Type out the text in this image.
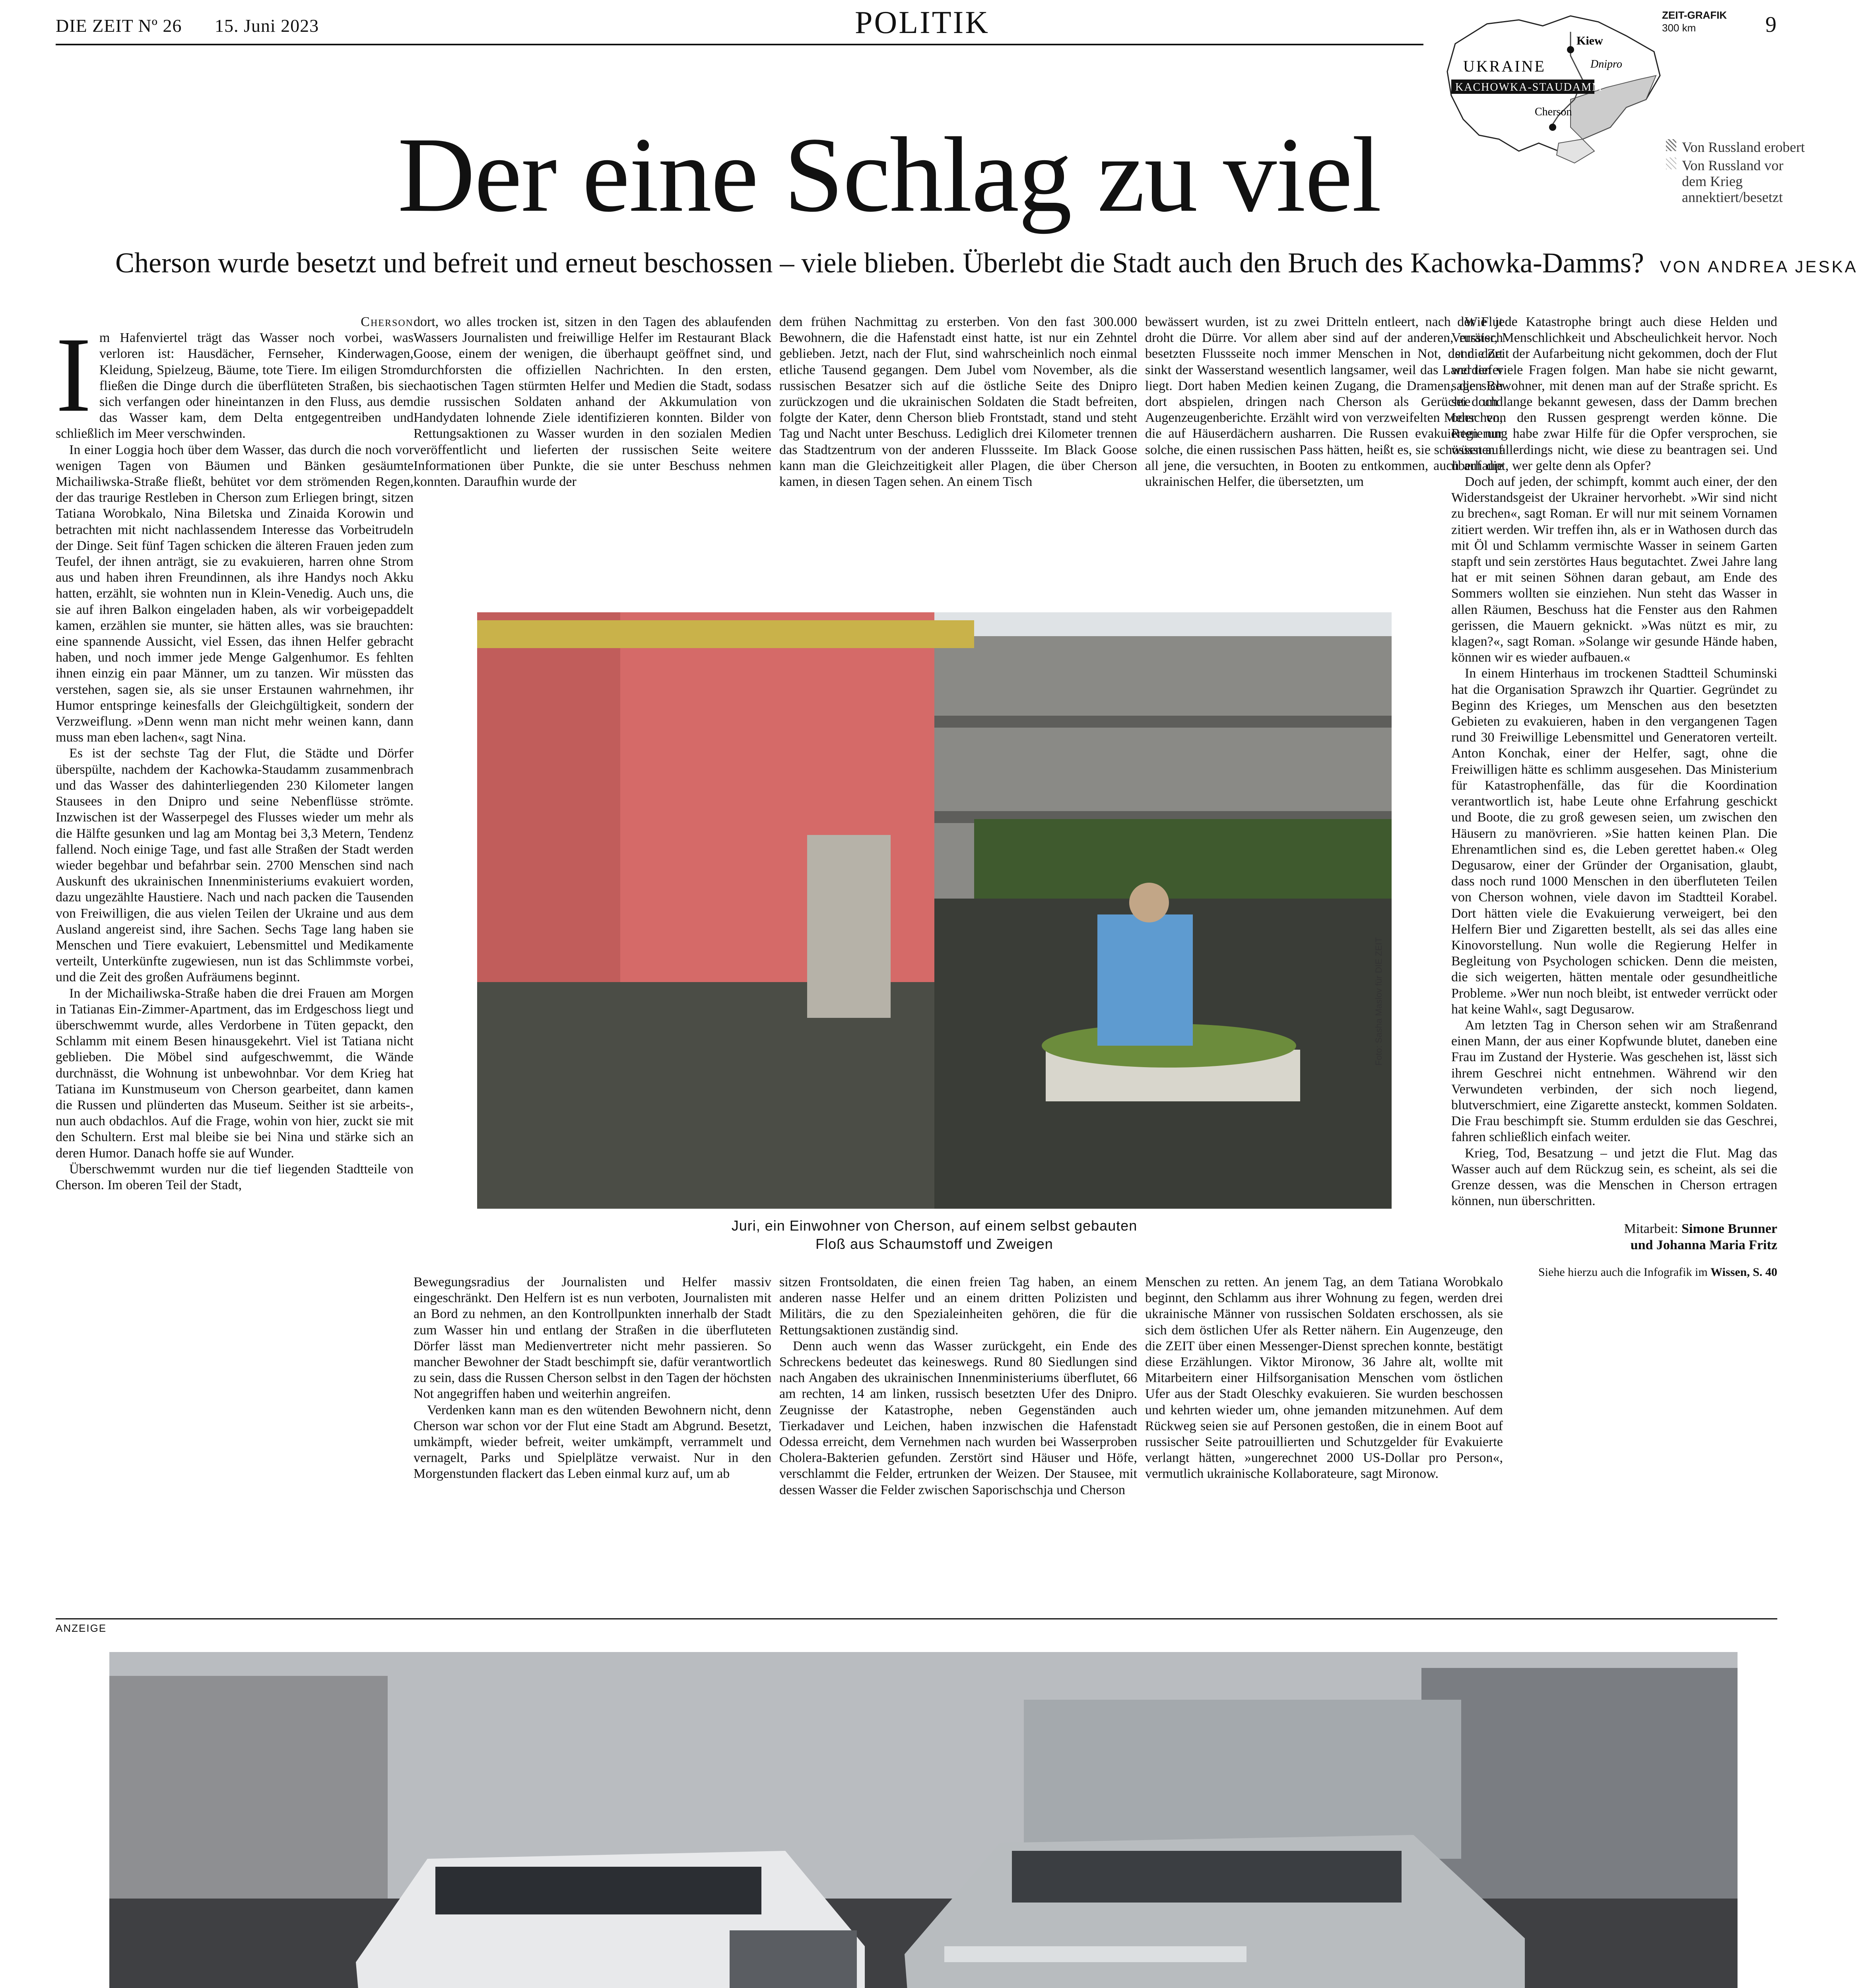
DIE ZEIT Nº 26 15. Juni 2023	POLITIK	9
ZEIT-GRAFIK
300 km
KACHOWKA-STAUDAMM
UKRAINE
Kiew
Cherson
Dnipro
Von Russland erobert
Von Russland vor dem Krieg annektiert/besetzt
Der eine Schlag zu viel
Cherson wurde besetzt und befreit und erneut beschossen – viele blieben. Überlebt die Stadt auch den Bruch des Kachowka-Damms? VON ANDREA JESKA

Cherson

Im Hafenviertel trägt das Wasser noch vorbei, was verloren ist: Hausdächer, Fernseher, Kinderwagen, Kleidung, Spielzeug, Bäume, tote Tiere. Im eiligen Strom fließen die Dinge durch die überflüteten Straßen, bis sie sich verfangen oder hineintanzen in den Fluss, aus dem das Wasser kam, dem Delta entgegentreiben und schließlich im Meer verschwinden.

In einer Loggia hoch über dem Wasser, das durch die noch vor wenigen Tagen von Bäumen und Bänken gesäumte Michailiwska-Straße fließt, behütet vor dem strömenden Regen, der das traurige Restleben in Cherson zum Erliegen bringt, sitzen Tatiana Worobkalo, Nina Biletska und Zinaida Korowin und betrachten mit nicht nachlassendem Interesse das Vorbeitrudeln der Dinge. Seit fünf Tagen schicken die älteren Frauen jeden zum Teufel, der ihnen anträgt, sie zu evakuieren, harren ohne Strom aus und haben ihren Freundinnen, als ihre Handys noch Akku hatten, erzählt, sie wohnten nun in Klein-Venedig. Auch uns, die sie auf ihren Balkon eingeladen haben, als wir vorbeigepaddelt kamen, erzählen sie munter, sie hätten alles, was sie brauchten: eine spannende Aussicht, viel Essen, das ihnen Helfer gebracht haben, und noch immer jede Menge Galgenhumor. Es fehlten ihnen einzig ein paar Männer, um zu tanzen. Wir müssten das verstehen, sagen sie, als sie unser Erstaunen wahrnehmen, ihr Humor entspringe keinesfalls der Gleichgültigkeit, sondern der Verzweiflung. »Denn wenn man nicht mehr weinen kann, dann muss man eben lachen«, sagt Nina.

Es ist der sechste Tag der Flut, die Städte und Dörfer überspülte, nachdem der Kachowka-Staudamm zusammenbrach und das Wasser des dahinterliegenden 230 Kilometer langen Stausees in den Dnipro und seine Nebenflüsse strömte. Inzwischen ist der Wasserpegel des Flusses wieder um mehr als die Hälfte gesunken und lag am Montag bei 3,3 Metern, Tendenz fallend. Noch einige Tage, und fast alle Straßen der Stadt werden wieder begehbar und befahrbar sein. 2700 Menschen sind nach Auskunft des ukrainischen Innenministeriums evakuiert worden, dazu ungezählte Haustiere. Nach und nach packen die Tausenden von Freiwilligen, die aus vielen Teilen der Ukraine und aus dem Ausland angereist sind, ihre Sachen. Sechs Tage lang haben sie Menschen und Tiere evakuiert, Lebensmittel und Medikamente verteilt, Unterkünfte zugewiesen, nun ist das Schlimmste vorbei, und die Zeit des großen Aufräumens beginnt.

In der Michailiwska-Straße haben die drei Frauen am Morgen in Tatianas Ein-Zimmer-Apartment, das im Erdgeschoss liegt und überschwemmt wurde, alles Verdorbene in Tüten gepackt, den Schlamm mit einem Besen hinausgekehrt. Viel ist Tatiana nicht geblieben. Die Möbel sind aufgeschwemmt, die Wände durchnässt, die Wohnung ist unbewohnbar. Vor dem Krieg hat Tatiana im Kunstmuseum von Cherson gearbeitet, dann kamen die Russen und plünderten das Museum. Seither ist sie arbeits-, nun auch obdachlos. Auf die Frage, wohin von hier, zuckt sie mit den Schultern. Erst mal bleibe sie bei Nina und stärke sich an deren Humor. Danach hoffe sie auf Wunder.

Überschwemmt wurden nur die tief liegenden Stadtteile von Cherson. Im oberen Teil der Stadt,

dort, wo alles trocken ist, sitzen in den Tagen des ablaufenden Wassers Journalisten und freiwillige Helfer im Restaurant Black Goose, einem der wenigen, die überhaupt geöffnet sind, und durchforsten die offiziellen Nachrichten. In den ersten, chaotischen Tagen stürmten Helfer und Medien die Stadt, sodass die russischen Soldaten anhand der Akkumulation von Handydaten lohnende Ziele identifizieren konnten. Bilder von Rettungsaktionen zu Wasser wurden in den sozialen Medien veröffentlicht und lieferten der russischen Seite weitere Informationen über Punkte, die sie unter Beschuss nehmen konnten. Daraufhin wurde der

dem frühen Nachmittag zu ersterben. Von den fast 300.000 Bewohnern, die die Hafenstadt einst hatte, ist nur ein Zehntel geblieben. Jetzt, nach der Flut, sind wahrscheinlich noch einmal etliche Tausend gegangen. Dem Jubel vom November, als die russischen Besatzer sich auf die östliche Seite des Dnipro zurückzogen und die ukrainischen Soldaten die Stadt befreiten, folgte der Kater, denn Cherson blieb Frontstadt, stand und steht Tag und Nacht unter Beschuss. Lediglich drei Kilometer trennen das Stadtzentrum von der anderen Flussseite. Im Black Goose kann man die Gleichzeitigkeit aller Plagen, die über Cherson kamen, in diesen Tagen sehen. An einem Tisch

bewässert wurden, ist zu zwei Dritteln entleert, nach der Flut droht die Dürre. Vor allem aber sind auf der anderen, russisch besetzten Flussseite noch immer Menschen in Not, denn dort sinkt der Wasserstand wesentlich langsamer, weil das Land tiefer liegt. Dort haben Medien keinen Zugang, die Dramen, die sich dort abspielen, dringen nach Cherson als Gerüchte und Augenzeugenberichte. Erzählt wird von verzweifelten Menschen, die auf Häuserdächern ausharren. Die Russen evakuierten nur solche, die einen russischen Pass hätten, heißt es, sie schössen auf all jene, die versuchten, in Booten zu entkommen, auch auf die ukrainischen Helfer, die übersetzten, um

Foto: Sasha Maslov für DIE ZEIT
Juri, ein Einwohner von Cherson, auf einem selbst gebauten
Floß aus Schaumstoff und Zweigen

Bewegungsradius der Journalisten und Helfer massiv eingeschränkt. Den Helfern ist es nun verboten, Journalisten mit an Bord zu nehmen, an den Kontrollpunkten innerhalb der Stadt zum Wasser hin und entlang der Straßen in die überfluteten Dörfer lässt man Medienvertreter nicht mehr passieren. So mancher Bewohner der Stadt beschimpft sie, dafür verantwortlich zu sein, dass die Russen Cherson selbst in den Tagen der höchsten Not angegriffen haben und weiterhin angreifen.

Verdenken kann man es den wütenden Bewohnern nicht, denn Cherson war schon vor der Flut eine Stadt am Abgrund. Besetzt, umkämpft, wieder befreit, weiter umkämpft, verrammelt und vernagelt, Parks und Spielplätze verwaist. Nur in den Morgenstunden flackert das Leben einmal kurz auf, um ab

sitzen Frontsoldaten, die einen freien Tag haben, an einem anderen nasse Helfer und an einem dritten Polizisten und Militärs, die zu den Spezialeinheiten gehören, die für die Rettungsaktionen zuständig sind.

Denn auch wenn das Wasser zurückgeht, ein Ende des Schreckens bedeutet das keineswegs. Rund 80 Siedlungen sind nach Angaben des ukrainischen Innenministeriums überflutet, 66 am rechten, 14 am linken, russisch besetzten Ufer des Dnipro. Zeugnisse der Katastrophe, neben Gegenständen auch Tierkadaver und Leichen, haben inzwischen die Hafenstadt Odessa erreicht, dem Vernehmen nach wurden bei Wasserproben Cholera-Bakterien gefunden. Zerstört sind Häuser und Höfe, verschlammt die Felder, ertrunken der Weizen. Der Stausee, mit dessen Wasser die Felder zwischen Saporischschja und Cherson

Menschen zu retten. An jenem Tag, an dem Tatiana Worobkalo beginnt, den Schlamm aus ihrer Wohnung zu fegen, werden drei ukrainische Männer von russischen Soldaten erschossen, als sie sich dem östlichen Ufer als Retter nähern. Ein Augenzeuge, den die ZEIT über einen Messenger-Dienst sprechen konnte, bestätigt diese Erzählungen. Viktor Mironow, 36 Jahre alt, wollte mit Mitarbeitern einer Hilfsorganisation Menschen vom östlichen Ufer aus der Stadt Oleschky evakuieren. Sie wurden beschossen und kehrten wieder um, ohne jemanden mitzunehmen. Auf dem Rückweg seien sie auf Personen gestoßen, die in einem Boot auf russischer Seite patrouillierten und Schutzgelder für Evakuierte verlangt hätten, »ungerechnet 2000 US-Dollar pro Person«, vermutlich ukrainische Kollaborateure, sagt Mironow.

Wie jede Katastrophe bringt auch diese Helden und Verräter, Menschlichkeit und Abscheulichkeit hervor. Noch ist die Zeit der Aufarbeitung nicht gekommen, doch der Flut werden viele Fragen folgen. Man habe sie nicht gewarnt, sagen Bewohner, mit denen man auf der Straße spricht. Es sei doch lange bekannt gewesen, dass der Damm brechen oder von den Russen gesprengt werden könne. Die Regierung habe zwar Hilfe für die Opfer versprochen, sie wüssten allerdings nicht, wie diese zu beantragen sei. Und überhaupt, wer gelte denn als Opfer?

Doch auf jeden, der schimpft, kommt auch einer, der den Widerstandsgeist der Ukrainer hervorhebt. »Wir sind nicht zu brechen«, sagt Roman. Er will nur mit seinem Vornamen zitiert werden. Wir treffen ihn, als er in Wathosen durch das mit Öl und Schlamm vermischte Wasser in seinem Garten stapft und sein zerstörtes Haus begutachtet. Zwei Jahre lang hat er mit seinen Söhnen daran gebaut, am Ende des Sommers wollten sie einziehen. Nun steht das Wasser in allen Räumen, Beschuss hat die Fenster aus den Rahmen gerissen, die Mauern geknickt. »Was nützt es mir, zu klagen?«, sagt Roman. »Solange wir gesunde Hände haben, können wir es wieder aufbauen.«

In einem Hinterhaus im trockenen Stadtteil Schuminski hat die Organisation Sprawzch ihr Quartier. Gegründet zu Beginn des Krieges, um Menschen aus den besetzten Gebieten zu evakuieren, haben in den vergangenen Tagen rund 30 Freiwillige Lebensmittel und Generatoren verteilt. Anton Konchak, einer der Helfer, sagt, ohne die Freiwilligen hätte es schlimm ausgesehen. Das Ministerium für Katastrophenfälle, das für die Koordination verantwortlich ist, habe Leute ohne Erfahrung geschickt und Boote, die zu groß gewesen seien, um zwischen den Häusern zu manövrieren. »Sie hatten keinen Plan. Die Ehrenamtlichen sind es, die Leben gerettet haben.« Oleg Degusarow, einer der Gründer der Organisation, glaubt, dass noch rund 1000 Menschen in den überfluteten Teilen von Cherson wohnen, viele davon im Stadtteil Korabel. Dort hätten viele die Evakuierung verweigert, bei den Helfern Bier und Zigaretten bestellt, als sei das alles eine Kinovorstellung. Nun wolle die Regierung Helfer in Begleitung von Psychologen schicken. Denn die meisten, die sich weigerten, hätten mentale oder gesundheitliche Probleme. »Wer nun noch bleibt, ist entweder verrückt oder hat keine Wahl«, sagt Degusarow.

Am letzten Tag in Cherson sehen wir am Straßenrand einen Mann, der aus einer Kopfwunde blutet, daneben eine Frau im Zustand der Hysterie. Was geschehen ist, lässt sich ihrem Geschrei nicht entnehmen. Während wir den Verwundeten verbinden, der sich noch liegend, blutverschmiert, eine Zigarette ansteckt, kommen Soldaten. Die Frau beschimpft sie. Stumm erdulden sie das Geschrei, fahren schließlich einfach weiter.

Krieg, Tod, Besatzung – und jetzt die Flut. Mag das Wasser auch auf dem Rückzug sein, es scheint, als sei die Grenze dessen, was die Menschen in Cherson ertragen können, nun überschritten.

Mitarbeit: Simone Brunner

und Johanna Maria Fritz

Siehe hierzu auch die Infografik im Wissen, S. 40

ANZEIGE
